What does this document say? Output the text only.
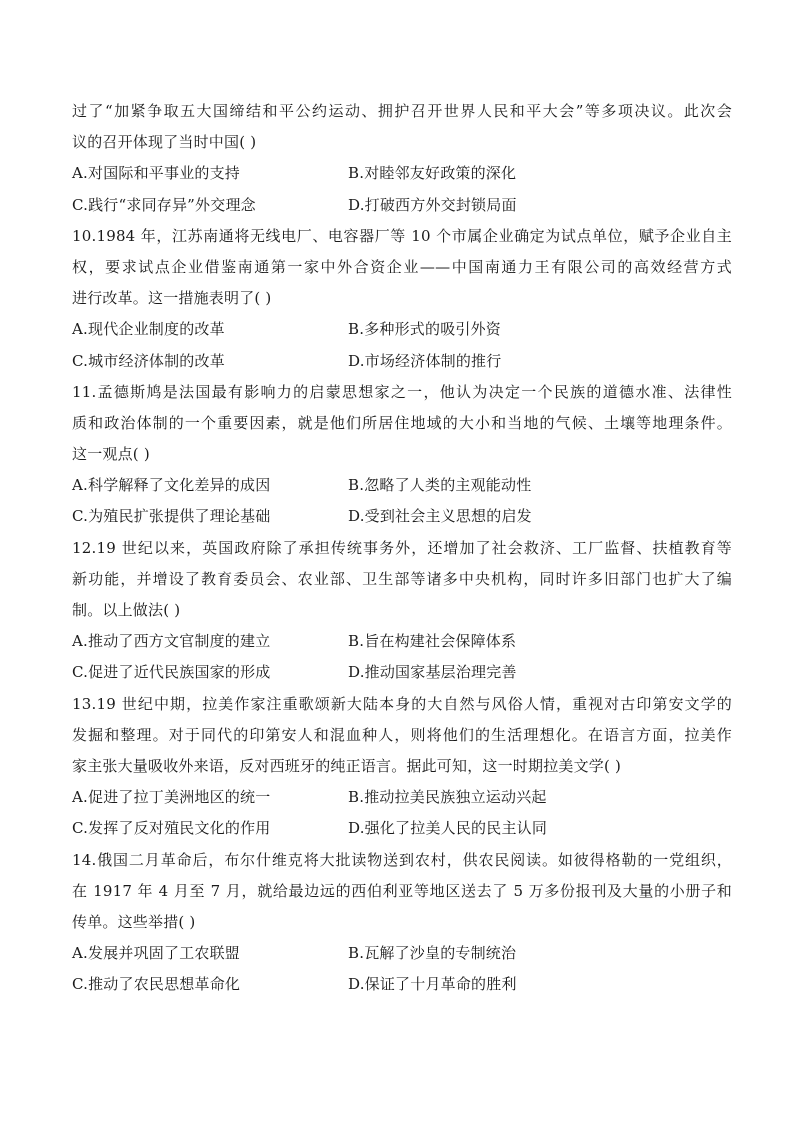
过了“加紧争取五大国缔结和平公约运动、拥护召开世界人民和平大会”等多项决议。此次会
议的召开体现了当时中国( )
A.对国际和平事业的支持	B.对睦邻友好政策的深化
C.践行“求同存异”外交理念	D.打破西方外交封锁局面
10.1984 年，江苏南通将无线电厂、电容器厂等 10 个市属企业确定为试点单位，赋予企业自主
权，要求试点企业借鉴南通第一家中外合资企业——中国南通力王有限公司的高效经营方式
进行改革。这一措施表明了( )
A.现代企业制度的改革	B.多种形式的吸引外资
C.城市经济体制的改革	D.市场经济体制的推行
11.孟德斯鸠是法国最有影响力的启蒙思想家之一，他认为决定一个民族的道德水准、法律性
质和政治体制的一个重要因素，就是他们所居住地域的大小和当地的气候、土壤等地理条件。
这一观点( )
A.科学解释了文化差异的成因	B.忽略了人类的主观能动性
C.为殖民扩张提供了理论基础	D.受到社会主义思想的启发
12.19 世纪以来，英国政府除了承担传统事务外，还增加了社会救济、工厂监督、扶植教育等
新功能，并增设了教育委员会、农业部、卫生部等诸多中央机构，同时许多旧部门也扩大了编
制。以上做法( )
A.推动了西方文官制度的建立	B.旨在构建社会保障体系
C.促进了近代民族国家的形成	D.推动国家基层治理完善
13.19 世纪中期，拉美作家注重歌颂新大陆本身的大自然与风俗人情，重视对古印第安文学的
发掘和整理。对于同代的印第安人和混血种人，则将他们的生活理想化。在语言方面，拉美作
家主张大量吸收外来语，反对西班牙的纯正语言。据此可知，这一时期拉美文学( )
A.促进了拉丁美洲地区的统一	B.推动拉美民族独立运动兴起
C.发挥了反对殖民文化的作用	D.强化了拉美人民的民主认同
14.俄国二月革命后，布尔什维克将大批读物送到农村，供农民阅读。如彼得格勒的一党组织，
在 1917 年 4 月至 7 月，就给最边远的西伯利亚等地区送去了 5 万多份报刊及大量的小册子和
传单。这些举措( )
A.发展并巩固了工农联盟	B.瓦解了沙皇的专制统治
C.推动了农民思想革命化	D.保证了十月革命的胜利
